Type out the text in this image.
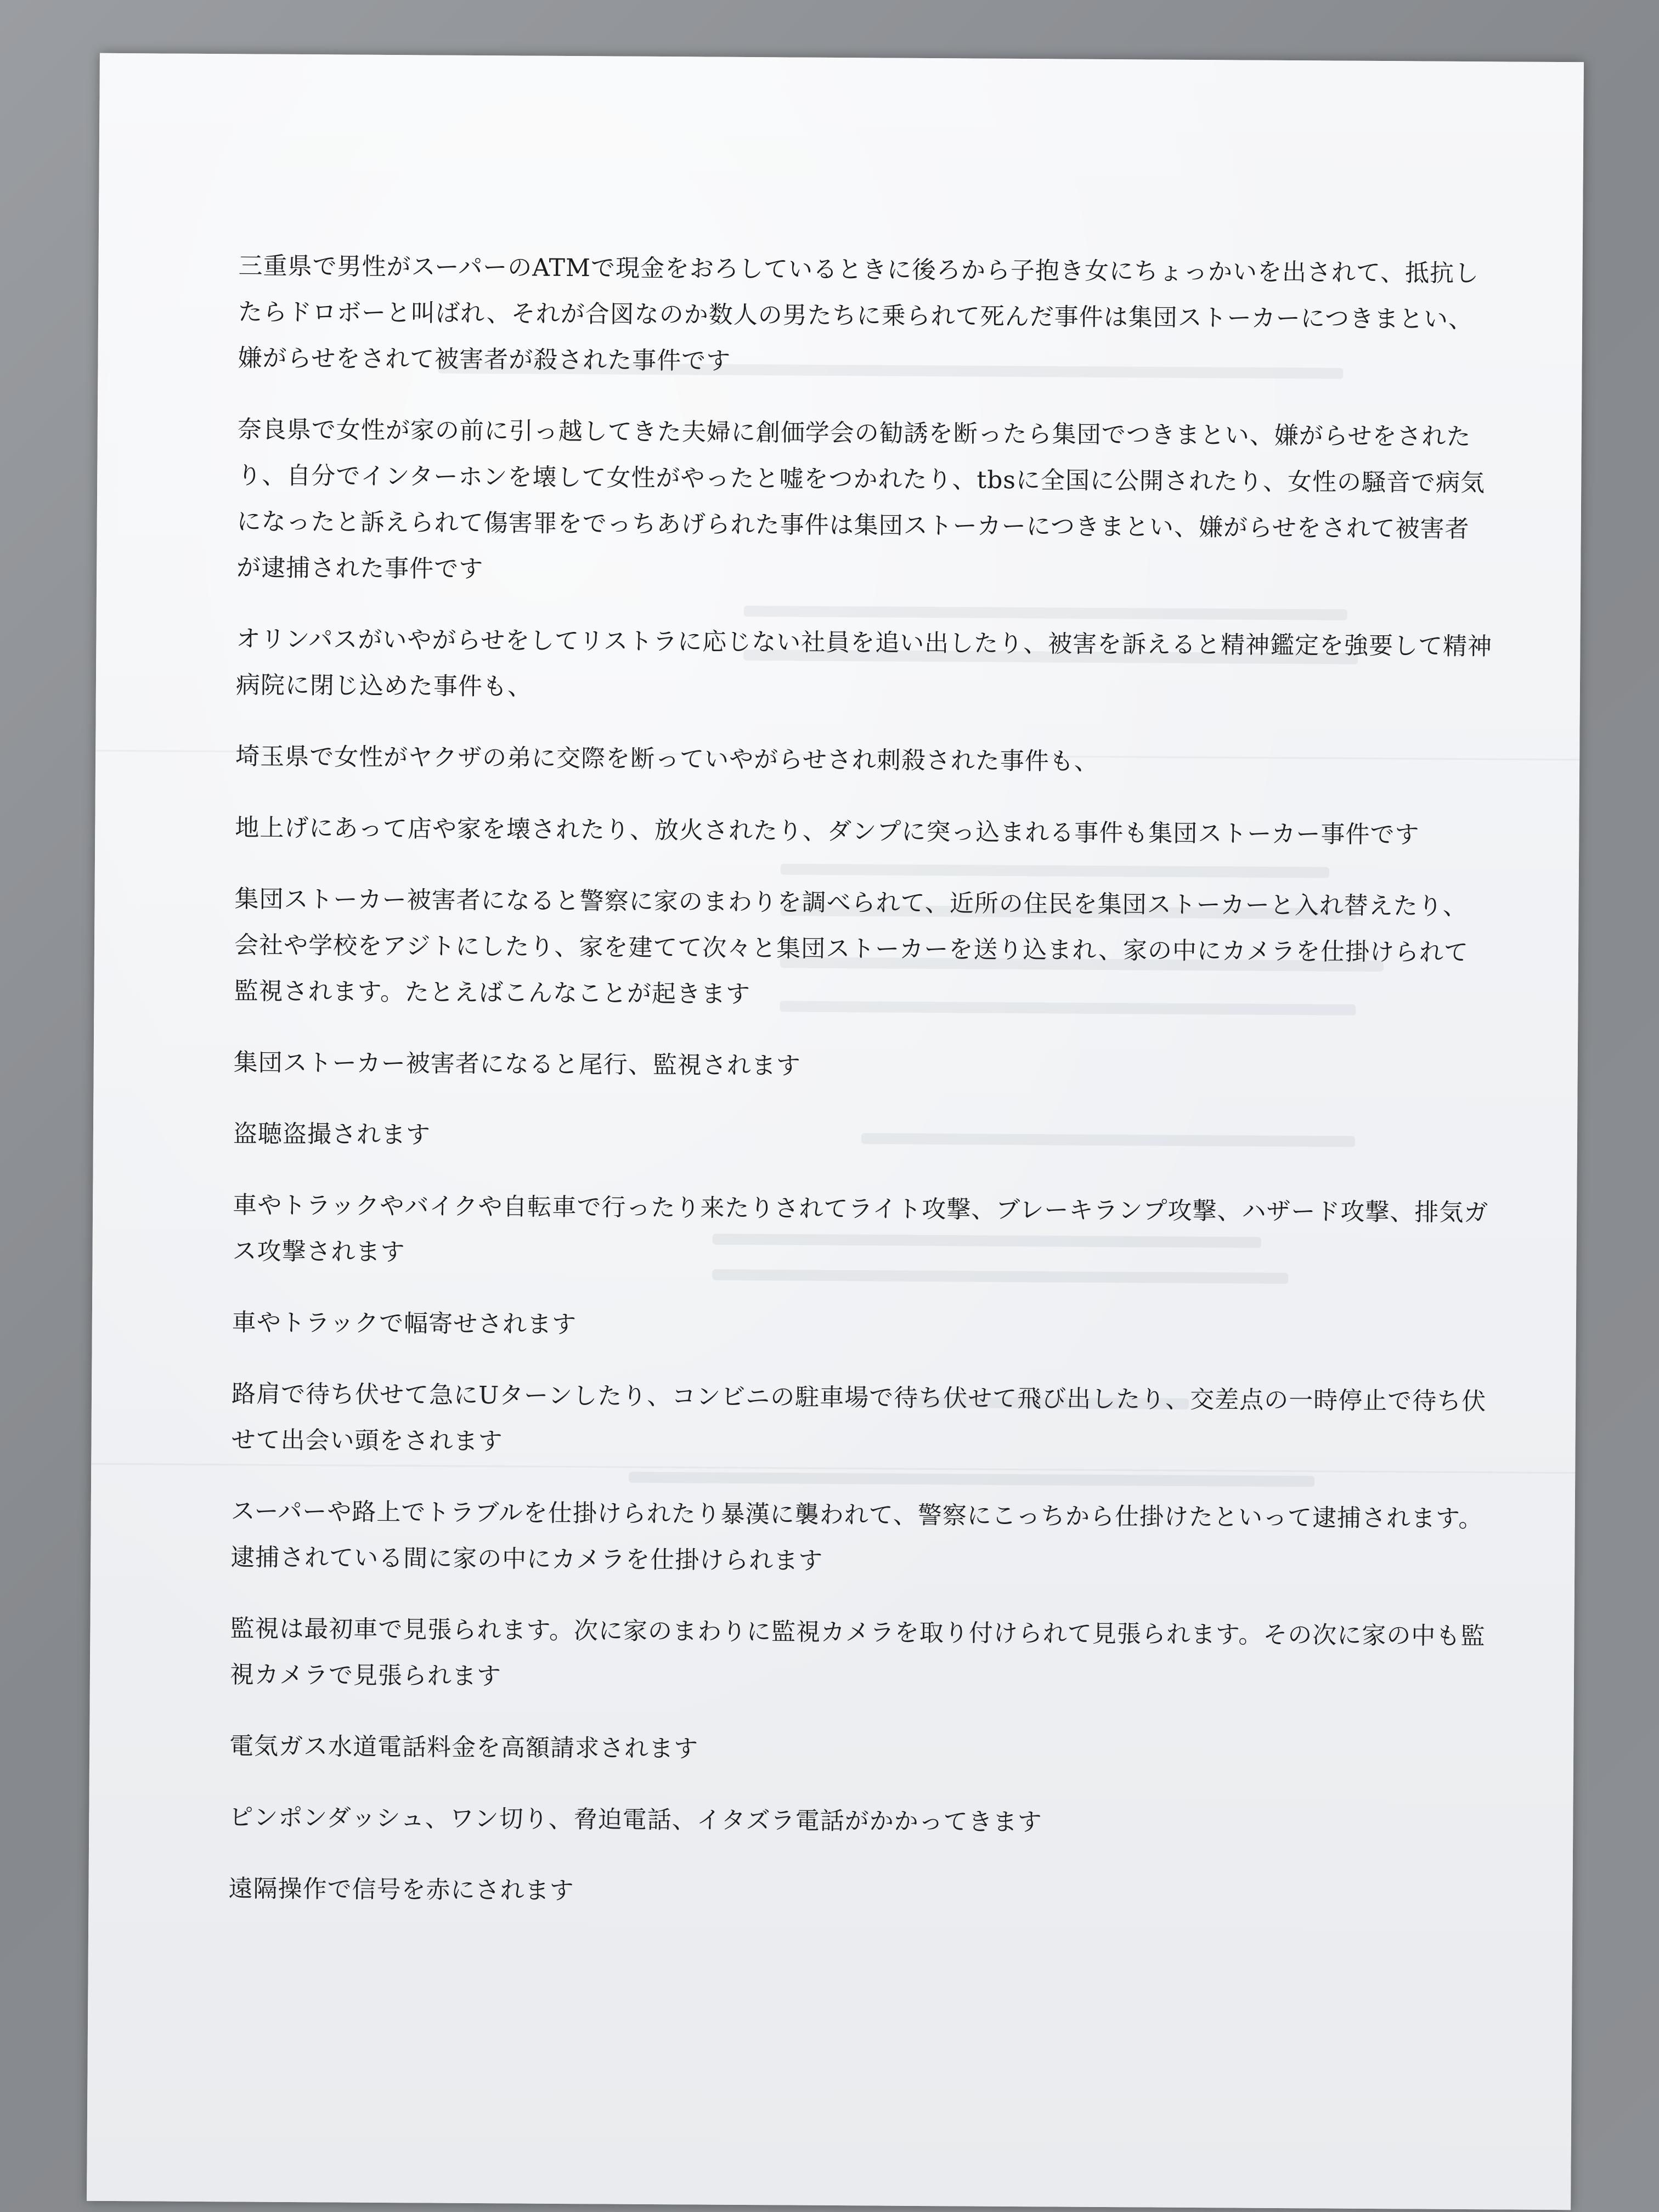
三重県で男性がスーパーのATMで現金をおろしているときに後ろから子抱き女にちょっかいを出されて、抵抗したらドロボーと叫ばれ、それが合図なのか数人の男たちに乗られて死んだ事件は集団ストーカーにつきまとい、嫌がらせをされて被害者が殺された事件です

奈良県で女性が家の前に引っ越してきた夫婦に創価学会の勧誘を断ったら集団でつきまとい、嫌がらせをされたり、自分でインターホンを壊して女性がやったと嘘をつかれたり、tbsに全国に公開されたり、女性の騒音で病気になったと訴えられて傷害罪をでっちあげられた事件は集団ストーカーにつきまとい、嫌がらせをされて被害者が逮捕された事件です

オリンパスがいやがらせをしてリストラに応じない社員を追い出したり、被害を訴えると精神鑑定を強要して精神病院に閉じ込めた事件も、

埼玉県で女性がヤクザの弟に交際を断っていやがらせされ刺殺された事件も、

地上げにあって店や家を壊されたり、放火されたり、ダンプに突っ込まれる事件も集団ストーカー事件です

集団ストーカー被害者になると警察に家のまわりを調べられて、近所の住民を集団ストーカーと入れ替えたり、会社や学校をアジトにしたり、家を建てて次々と集団ストーカーを送り込まれ、家の中にカメラを仕掛けられて監視されます。たとえばこんなことが起きます

集団ストーカー被害者になると尾行、監視されます

盗聴盗撮されます

車やトラックやバイクや自転車で行ったり来たりされてライト攻撃、ブレーキランプ攻撃、ハザード攻撃、排気ガス攻撃されます

車やトラックで幅寄せされます

路肩で待ち伏せて急にUターンしたり、コンビニの駐車場で待ち伏せて飛び出したり、交差点の一時停止で待ち伏せて出会い頭をされます

スーパーや路上でトラブルを仕掛けられたり暴漢に襲われて、警察にこっちから仕掛けたといって逮捕されます。逮捕されている間に家の中にカメラを仕掛けられます

監視は最初車で見張られます。次に家のまわりに監視カメラを取り付けられて見張られます。その次に家の中も監視カメラで見張られます

電気ガス水道電話料金を高額請求されます

ピンポンダッシュ、ワン切り、脅迫電話、イタズラ電話がかかってきます

遠隔操作で信号を赤にされます
